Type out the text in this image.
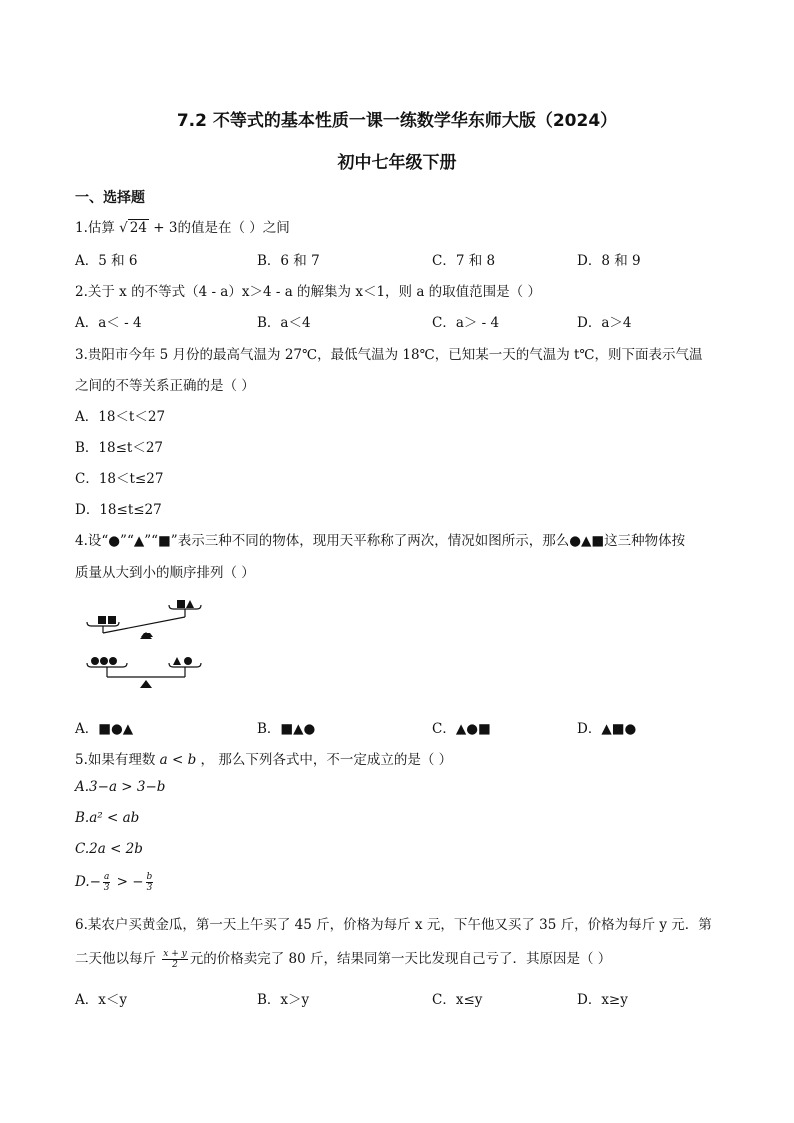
7.2 不等式的基本性质一课一练数学华东师大版（2024）
初中七年级下册
一、选择题
1.估算 √ 24 + 3的值是在（ ）之间
A．5 和 6	B．6 和 7	C．7 和 8	D．8 和 9
2.关于 x 的不等式（4 - a）x＞4 - a 的解集为 x＜1，则 a 的取值范围是（ ）
A．a＜ - 4	B．a＜4	C．a＞ - 4	D．a＞4
3.贵阳市今年 5 月份的最高气温为 27℃，最低气温为 18℃，已知某一天的气温为 t℃，则下面表示气温
之间的不等关系正确的是（ ）
A．18＜t＜27
B．18≤t＜27
C．18＜t≤27
D．18≤t≤27
4.设“●”“▲”“■”表示三种不同的物体，现用天平称称了两次，情况如图所示，那么●▲■这三种物体按
质量从大到小的顺序排列（ ）
A．■●▲	B．■▲●	C．▲●■	D．▲■●
5.如果有理数 a < b ， 那么下列各式中，不一定成立的是（ ）
A.3−a > 3−b
B.a² < ab
C.2a < 2b
$D.- \frac{a}{3}$ > − $\frac{b}{3}$
6.某农户买黄金瓜，第一天上午买了 45 斤，价格为每斤 x 元，下午他又买了 35 斤，价格为每斤 y 元．第
二天他以每斤 $\frac{x + y}{2}$ 元的价格卖完了 80 斤，结果同第一天比发现自己亏了．其原因是（ ）
A．x＜y	B．x＞y	C．x≤y	D．x≥y
